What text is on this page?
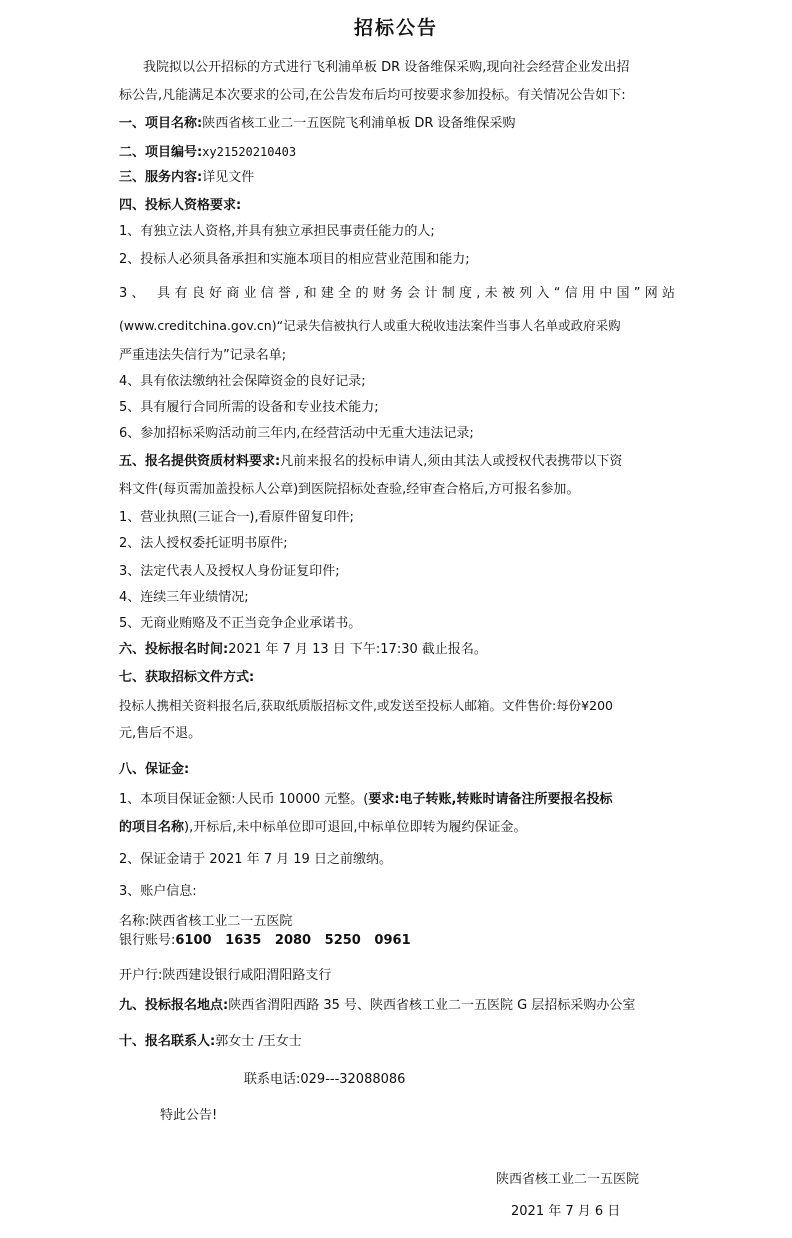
招标公告
我院拟以公开招标的方式进行飞利浦单板 DR 设备维保采购,现向社会经营企业发出招
标公告,凡能满足本次要求的公司,在公告发布后均可按要求参加投标。有关情况公告如下:
一、项目名称:陕西省核工业二一五医院飞利浦单板 DR 设备维保采购
二、项目编号:xy21520210403
三、服务内容:详见文件
四、投标人资格要求:
1、有独立法人资格,并具有独立承担民事责任能力的人;
2、投标人必须具备承担和实施本项目的相应营业范围和能力;
3、 具有良好商业信誉,和建全的财务会计制度,未被列入“信用中国”网站
(www.creditchina.gov.cn)“记录失信被执行人或重大税收违法案件当事人名单或政府采购
严重违法失信行为”记录名单;
4、具有依法缴纳社会保障资金的良好记录;
5、具有履行合同所需的设备和专业技术能力;
6、参加招标采购活动前三年内,在经营活动中无重大违法记录;
五、报名提供资质材料要求:凡前来报名的投标申请人,须由其法人或授权代表携带以下资
料文件(每页需加盖投标人公章)到医院招标处查验,经审查合格后,方可报名参加。
1、营业执照(三证合一),看原件留复印件;
2、法人授权委托证明书原件;
3、法定代表人及授权人身份证复印件;
4、连续三年业绩情况;
5、无商业贿赂及不正当竞争企业承诺书。
六、投标报名时间:2021 年 7 月 13 日 下午:17:30 截止报名。
七、获取招标文件方式:
投标人携相关资料报名后,获取纸质版招标文件,或发送至投标人邮箱。文件售价:每份¥200
元,售后不退。
八、保证金:
1、本项目保证金额:人民币 10000 元整。(要求:电子转账,转账时请备注所要报名投标
的项目名称),开标后,未中标单位即可退回,中标单位即转为履约保证金。
2、保证金请于 2021 年 7 月 19 日之前缴纳。
3、账户信息:
名称:陕西省核工业二一五医院
银行账号:6100   1635   2080   5250   0961
开户行:陕西建设银行咸阳渭阳路支行
九、投标报名地点:陕西省渭阳西路 35 号、陕西省核工业二一五医院 G 层招标采购办公室
十、报名联系人:郭女士 /王女士
联系电话:029---32088086
特此公告!
陕西省核工业二一五医院
2021 年 7 月 6 日
